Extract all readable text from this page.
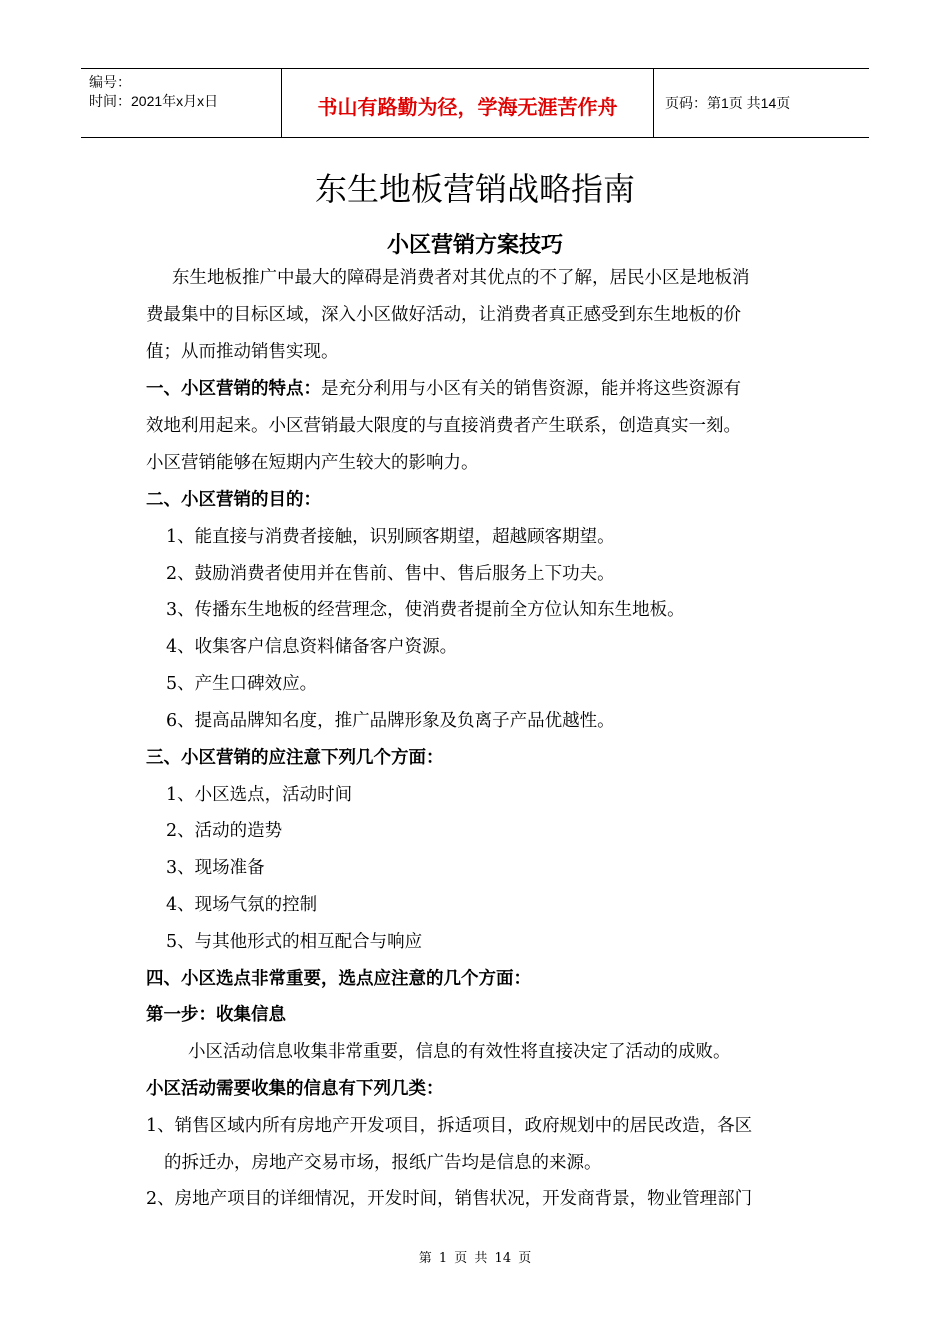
编号：
时间：2021年x月x日	书山有路勤为径，学海无涯苦作舟	页码：第1页 共14页
东生地板营销战略指南
小区营销方案技巧
东生地板推广中最大的障碍是消费者对其优点的不了解，居民小区是地板消
费最集中的目标区域，深入小区做好活动，让消费者真正感受到东生地板的价
值；从而推动销售实现。
一、小区营销的特点：是充分利用与小区有关的销售资源，能并将这些资源有
效地利用起来。小区营销最大限度的与直接消费者产生联系，创造真实一刻。
小区营销能够在短期内产生较大的影响力。
二、小区营销的目的：
1、能直接与消费者接触，识别顾客期望，超越顾客期望。
2、鼓励消费者使用并在售前、售中、售后服务上下功夫。
3、传播东生地板的经营理念，使消费者提前全方位认知东生地板。
4、收集客户信息资料储备客户资源。
5、产生口碑效应。
6、提高品牌知名度，推广品牌形象及负离子产品优越性。
三、小区营销的应注意下列几个方面：
1、小区选点，活动时间
2、活动的造势
3、现场准备
4、现场气氛的控制
5、与其他形式的相互配合与响应
四、小区选点非常重要，选点应注意的几个方面：
第一步：收集信息
小区活动信息收集非常重要，信息的有效性将直接决定了活动的成败。
小区活动需要收集的信息有下列几类：
1、销售区域内所有房地产开发项目，拆适项目，政府规划中的居民改造，各区
的拆迁办，房地产交易市场，报纸广告均是信息的来源。
2、房地产项目的详细情况，开发时间，销售状况，开发商背景，物业管理部门
第 1 页 共 14 页
